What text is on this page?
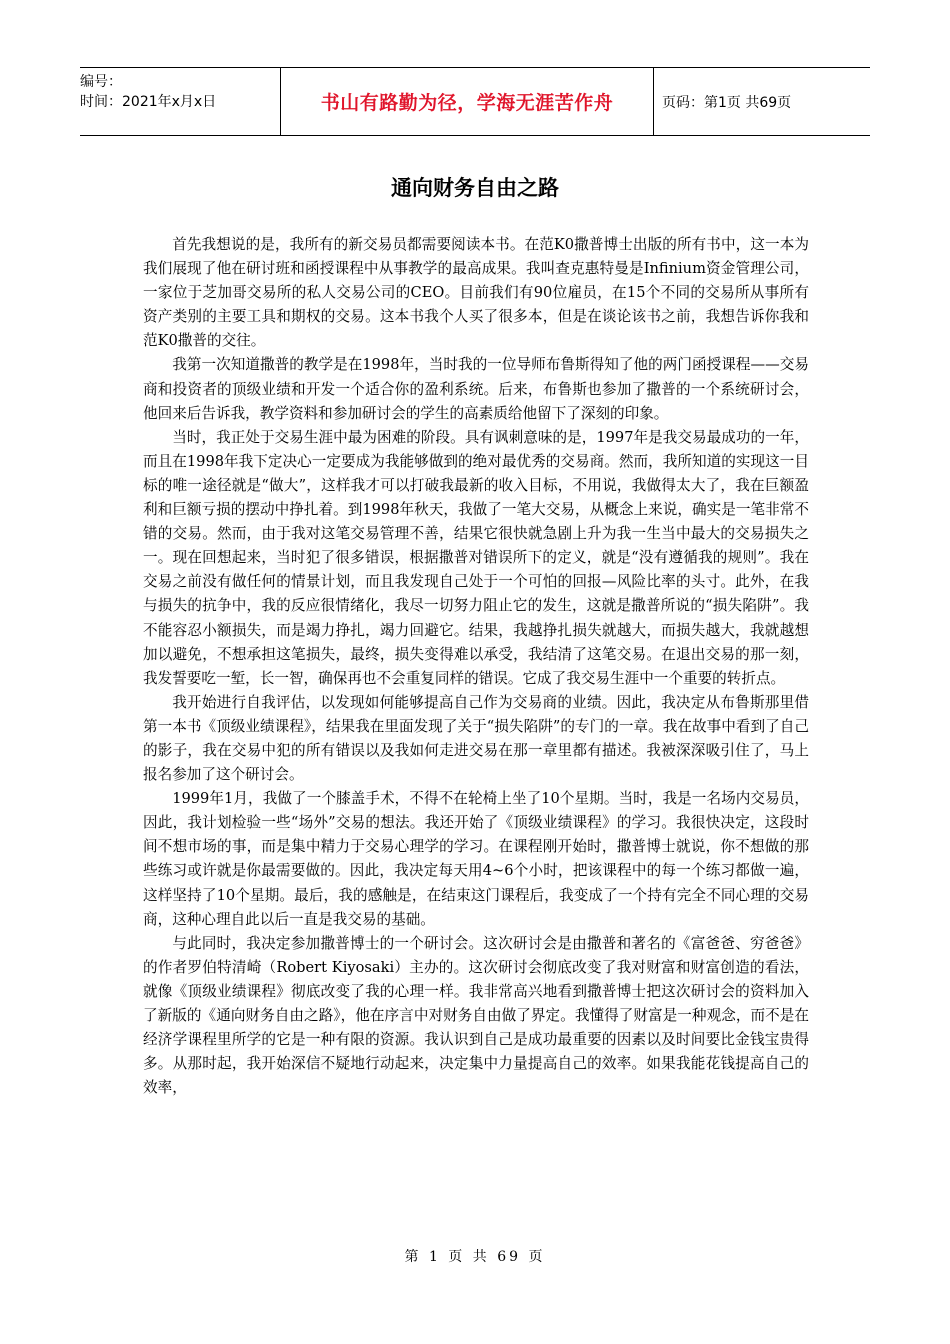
编号：
时间：2021年x月x日	书山有路勤为径，学海无涯苦作舟	页码：第1页 共69页
通向财务自由之路

首先我想说的是，我所有的新交易员都需要阅读本书。在范K0撒普博士出版的所有书中，这一本为我们展现了他在研讨班和函授课程中从事教学的最高成果。我叫查克惠特曼是Infinium资金管理公司，一家位于芝加哥交易所的私人交易公司的CEO。目前我们有90位雇员，在15个不同的交易所从事所有资产类别的主要工具和期权的交易。这本书我个人买了很多本，但是在谈论该书之前，我想告诉你我和范K0撒普的交往。

我第一次知道撒普的教学是在1998年，当时我的一位导师布鲁斯得知了他的两门函授课程——交易商和投资者的顶级业绩和开发一个适合你的盈利系统。后来，布鲁斯也参加了撒普的一个系统研讨会，他回来后告诉我，教学资料和参加研讨会的学生的高素质给他留下了深刻的印象。

当时，我正处于交易生涯中最为困难的阶段。具有讽刺意味的是，1997年是我交易最成功的一年，而且在1998年我下定决心一定要成为我能够做到的绝对最优秀的交易商。然而，我所知道的实现这一目标的唯一途径就是“做大”，这样我才可以打破我最新的收入目标，不用说，我做得太大了，我在巨额盈利和巨额亏损的摆动中挣扎着。到1998年秋天，我做了一笔大交易，从概念上来说，确实是一笔非常不错的交易。然而，由于我对这笔交易管理不善，结果它很快就急剧上升为我一生当中最大的交易损失之一。现在回想起来，当时犯了很多错误，根据撒普对错误所下的定义，就是“没有遵循我的规则”。我在交易之前没有做任何的情景计划，而且我发现自己处于一个可怕的回报—风险比率的头寸。此外，在我与损失的抗争中，我的反应很情绪化，我尽一切努力阻止它的发生，这就是撒普所说的“损失陷阱”。我不能容忍小额损失，而是竭力挣扎，竭力回避它。结果，我越挣扎损失就越大，而损失越大，我就越想加以避免，不想承担这笔损失，最终，损失变得难以承受，我结清了这笔交易。在退出交易的那一刻，我发誓要吃一堑，长一智，确保再也不会重复同样的错误。它成了我交易生涯中一个重要的转折点。

我开始进行自我评估，以发现如何能够提高自己作为交易商的业绩。因此，我决定从布鲁斯那里借第一本书《顶级业绩课程》，结果我在里面发现了关于“损失陷阱”的专门的一章。我在故事中看到了自己的影子，我在交易中犯的所有错误以及我如何走进交易在那一章里都有描述。我被深深吸引住了，马上报名参加了这个研讨会。

1999年1月，我做了一个膝盖手术，不得不在轮椅上坐了10个星期。当时，我是一名场内交易员，因此，我计划检验一些“场外”交易的想法。我还开始了《顶级业绩课程》的学习。我很快决定，这段时间不想市场的事，而是集中精力于交易心理学的学习。在课程刚开始时，撒普博士就说，你不想做的那些练习或许就是你最需要做的。因此，我决定每天用4~6个小时，把该课程中的每一个练习都做一遍，这样坚持了10个星期。最后，我的感触是，在结束这门课程后，我变成了一个持有完全不同心理的交易商，这种心理自此以后一直是我交易的基础。

与此同时，我决定参加撒普博士的一个研讨会。这次研讨会是由撒普和著名的《富爸爸、穷爸爸》的作者罗伯特清崎（Robert Kiyosaki）主办的。这次研讨会彻底改变了我对财富和财富创造的看法，就像《顶级业绩课程》彻底改变了我的心理一样。我非常高兴地看到撒普博士把这次研讨会的资料加入了新版的《通向财务自由之路》，他在序言中对财务自由做了界定。我懂得了财富是一种观念，而不是在经济学课程里所学的它是一种有限的资源。我认识到自己是成功最重要的因素以及时间要比金钱宝贵得多。从那时起，我开始深信不疑地行动起来，决定集中力量提高自己的效率。如果我能花钱提高自己的效率，

第 1 页 共 69 页
